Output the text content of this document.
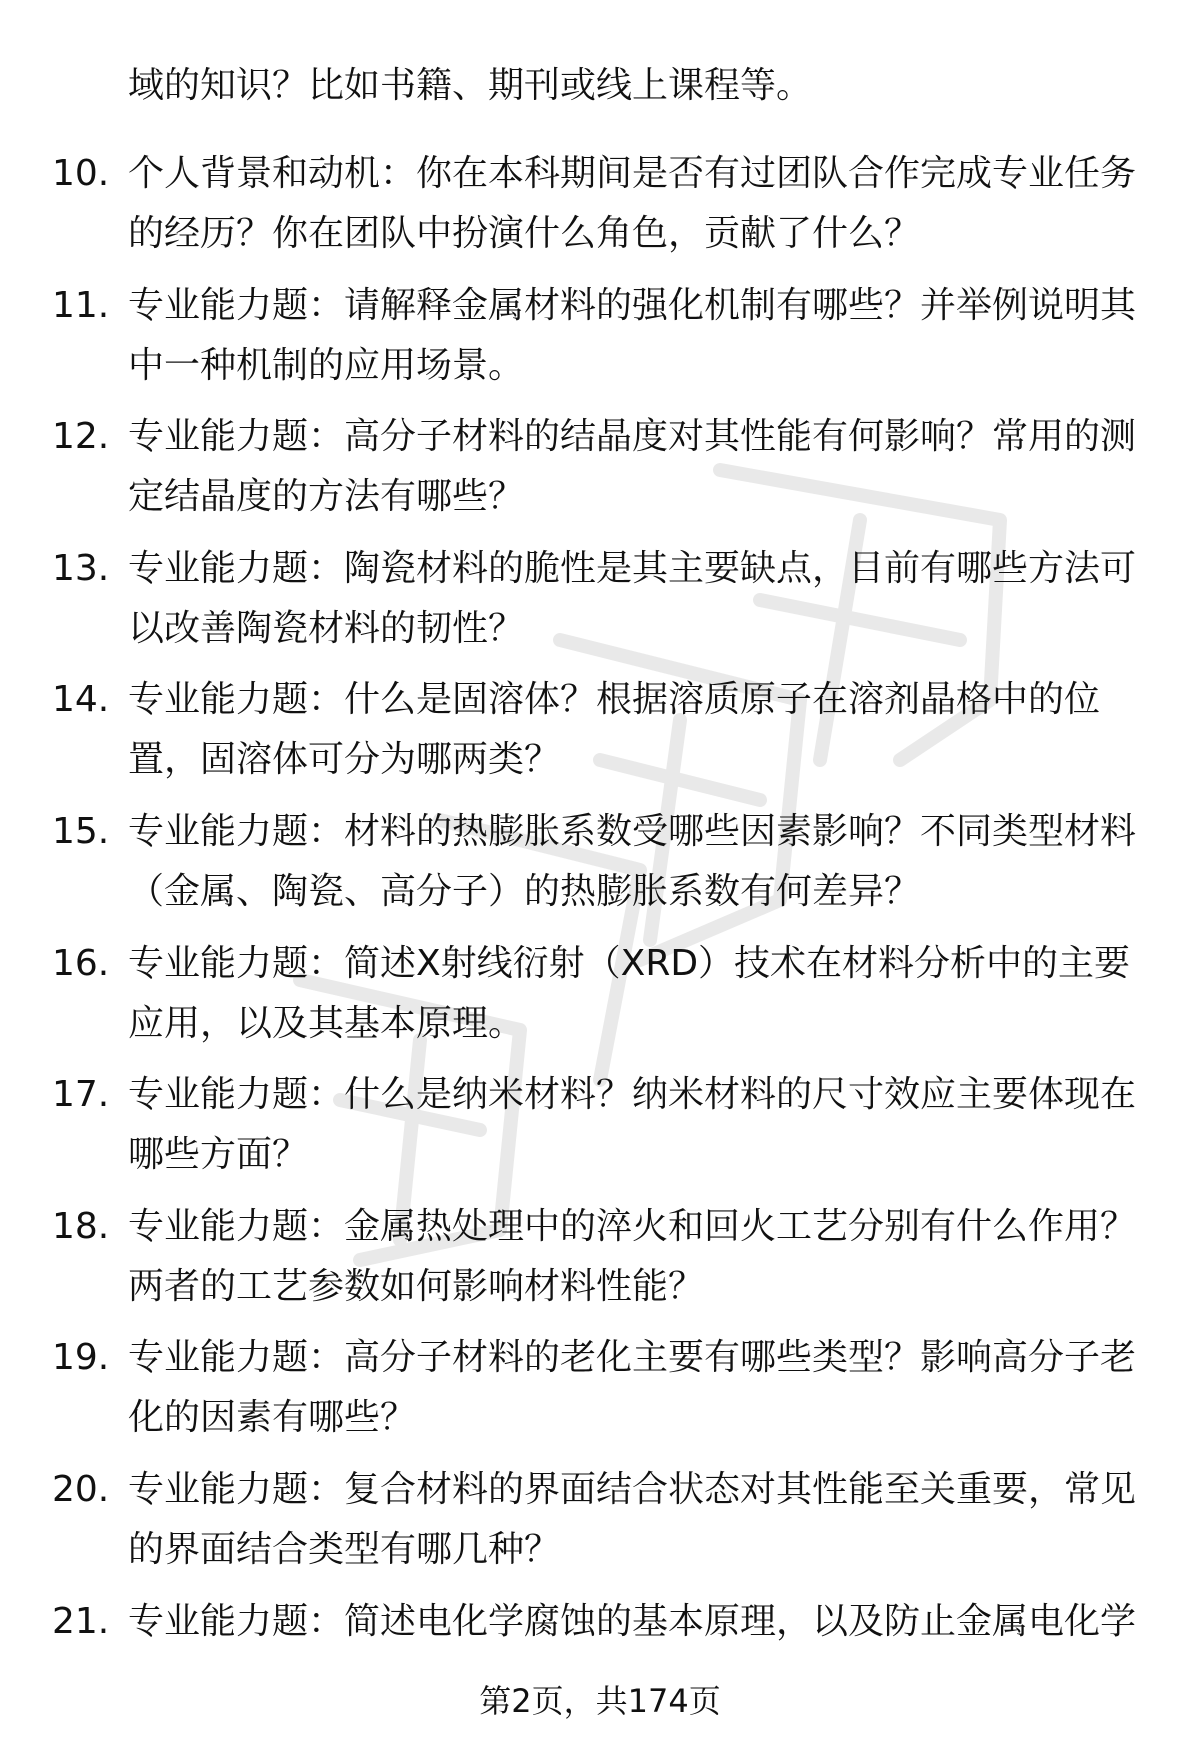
域的知识？比如书籍、期刊或线上课程等。
10. 个人背景和动机：你在本科期间是否有过团队合作完成专业任务
的经历？你在团队中扮演什么角色，贡献了什么？
11. 专业能力题：请解释金属材料的强化机制有哪些？并举例说明其
中一种机制的应用场景。
12. 专业能力题：高分子材料的结晶度对其性能有何影响？常用的测
定结晶度的方法有哪些？
13. 专业能力题：陶瓷材料的脆性是其主要缺点，目前有哪些方法可
以改善陶瓷材料的韧性？
14. 专业能力题：什么是固溶体？根据溶质原子在溶剂晶格中的位
置，固溶体可分为哪两类？
15. 专业能力题：材料的热膨胀系数受哪些因素影响？不同类型材料
（金属、陶瓷、高分子）的热膨胀系数有何差异？
16. 专业能力题：简述X射线衍射（XRD）技术在材料分析中的主要
应用，以及其基本原理。
17. 专业能力题：什么是纳米材料？纳米材料的尺寸效应主要体现在
哪些方面？
18. 专业能力题：金属热处理中的淬火和回火工艺分别有什么作用？
两者的工艺参数如何影响材料性能？
19. 专业能力题：高分子材料的老化主要有哪些类型？影响高分子老
化的因素有哪些？
20. 专业能力题：复合材料的界面结合状态对其性能至关重要，常见
的界面结合类型有哪几种？
21. 专业能力题：简述电化学腐蚀的基本原理，以及防止金属电化学
第2页，共174页
